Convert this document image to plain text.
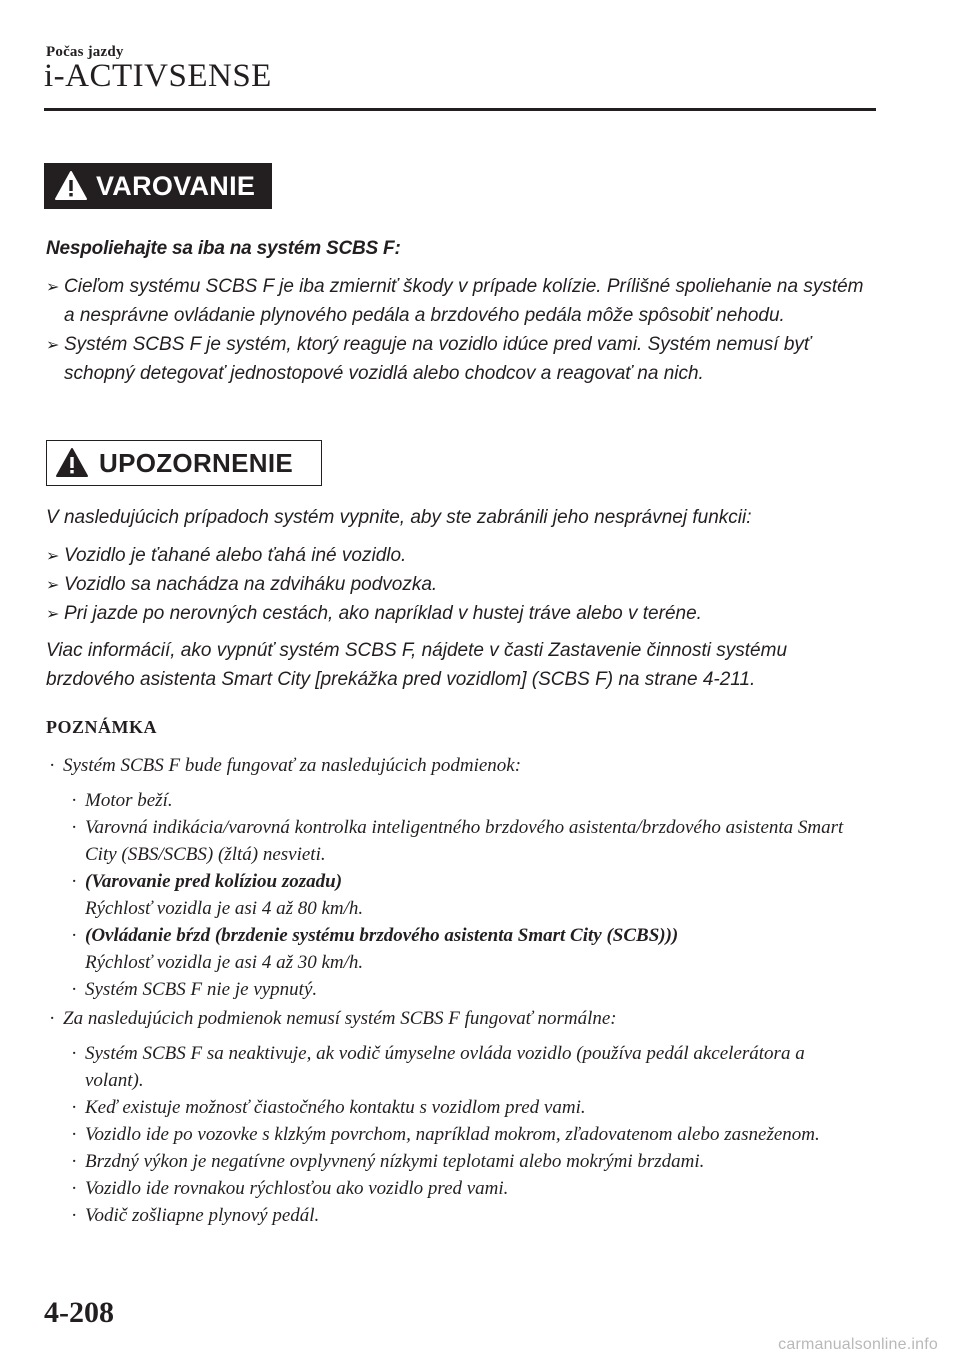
Počas jazdy
i-ACTIVSENSE
VAROVANIE
Nespoliehajte sa iba na systém SCBS F:
➢ Cieľom systému SCBS F je iba zmierniť škody v prípade kolízie. Prílišné spoliehanie na systém a nesprávne ovládanie plynového pedála a brzdového pedála môže spôsobiť nehodu.
➢ Systém SCBS F je systém, ktorý reaguje na vozidlo idúce pred vami. Systém nemusí byť schopný detegovať jednostopové vozidlá alebo chodcov a reagovať na nich.
UPOZORNENIE
V nasledujúcich prípadoch systém vypnite, aby ste zabránili jeho nesprávnej funkcii:
➢ Vozidlo je ťahané alebo ťahá iné vozidlo.
➢ Vozidlo sa nachádza na zdviháku podvozka.
➢ Pri jazde po nerovných cestách, ako napríklad v hustej tráve alebo v teréne.
Viac informácií, ako vypnúť systém SCBS F, nájdete v časti Zastavenie činnosti systému brzdového asistenta Smart City [prekážka pred vozidlom] (SCBS F) na strane 4-211.
POZNÁMKA
· Systém SCBS F bude fungovať za nasledujúcich podmienok:
· Motor beží.
· Varovná indikácia/varovná kontrolka inteligentného brzdového asistenta/brzdového asistenta Smart City (SBS/SCBS) (žltá) nesvieti.
· (Varovanie pred kolíziou zozadu)
Rýchlosť vozidla je asi 4 až 80 km/h.
· (Ovládanie bŕzd (brzdenie systému brzdového asistenta Smart City (SCBS)))
Rýchlosť vozidla je asi 4 až 30 km/h.
· Systém SCBS F nie je vypnutý.
· Za nasledujúcich podmienok nemusí systém SCBS F fungovať normálne:
· Systém SCBS F sa neaktivuje, ak vodič úmyselne ovláda vozidlo (používa pedál akcelerátora a volant).
· Keď existuje možnosť čiastočného kontaktu s vozidlom pred vami.
· Vozidlo ide po vozovke s klzkým povrchom, napríklad mokrom, zľadovatenom alebo zasneženom.
· Brzdný výkon je negatívne ovplyvnený nízkymi teplotami alebo mokrými brzdami.
· Vozidlo ide rovnakou rýchlosťou ako vozidlo pred vami.
· Vodič zošliapne plynový pedál.
4-208
carmanualsonline.info
